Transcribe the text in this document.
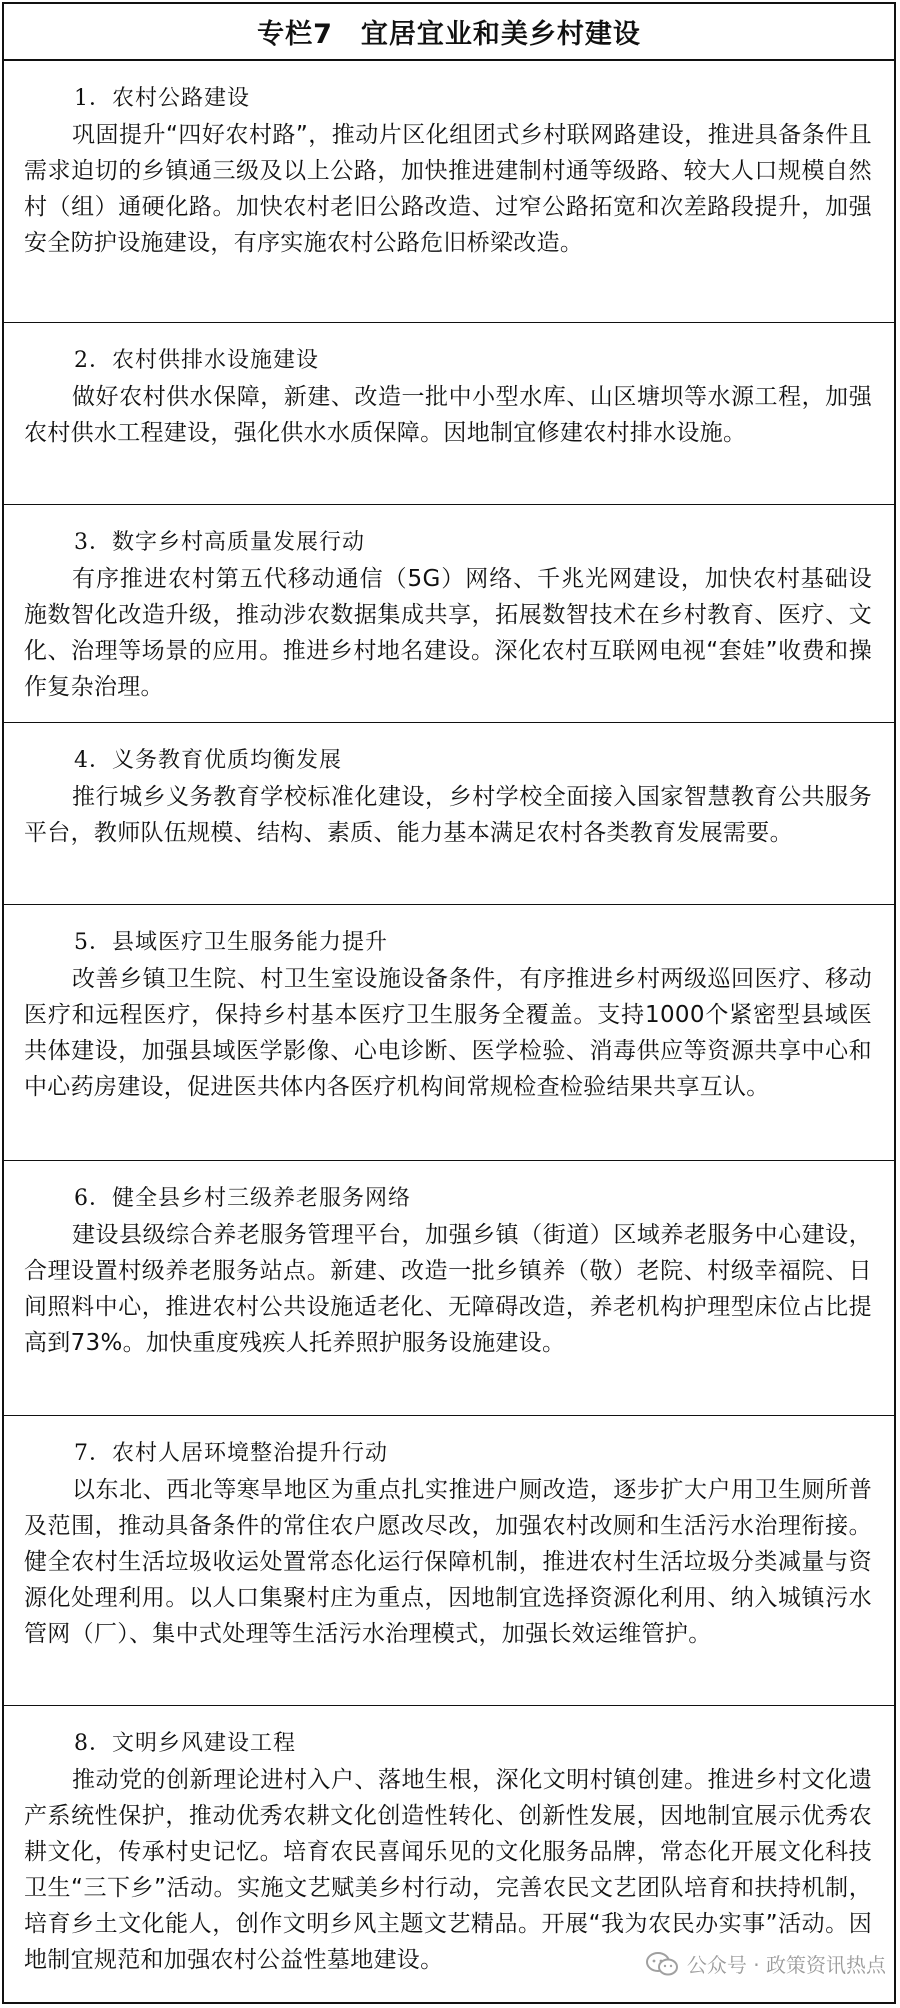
专栏7　宜居宜业和美乡村建设
1．农村公路建设
巩固提升“四好农村路”，推动片区化组团式乡村联网路建设，推进具备条件且需求迫切的乡镇通三级及以上公路，加快推进建制村通等级路、较大人口规模自然村（组）通硬化路。加快农村老旧公路改造、过窄公路拓宽和次差路段提升，加强安全防护设施建设，有序实施农村公路危旧桥梁改造。
2．农村供排水设施建设
做好农村供水保障，新建、改造一批中小型水库、山区塘坝等水源工程，加强农村供水工程建设，强化供水水质保障。因地制宜修建农村排水设施。
3．数字乡村高质量发展行动
有序推进农村第五代移动通信（5G）网络、千兆光网建设，加快农村基础设施数智化改造升级，推动涉农数据集成共享，拓展数智技术在乡村教育、医疗、文化、治理等场景的应用。推进乡村地名建设。深化农村互联网电视“套娃”收费和操作复杂治理。
4．义务教育优质均衡发展
推行城乡义务教育学校标准化建设，乡村学校全面接入国家智慧教育公共服务平台，教师队伍规模、结构、素质、能力基本满足农村各类教育发展需要。
5．县域医疗卫生服务能力提升
改善乡镇卫生院、村卫生室设施设备条件，有序推进乡村两级巡回医疗、移动医疗和远程医疗，保持乡村基本医疗卫生服务全覆盖。支持1000个紧密型县域医共体建设，加强县域医学影像、心电诊断、医学检验、消毒供应等资源共享中心和中心药房建设，促进医共体内各医疗机构间常规检查检验结果共享互认。
6．健全县乡村三级养老服务网络
建设县级综合养老服务管理平台，加强乡镇（街道）区域养老服务中心建设，合理设置村级养老服务站点。新建、改造一批乡镇养（敬）老院、村级幸福院、日间照料中心，推进农村公共设施适老化、无障碍改造，养老机构护理型床位占比提高到73%。加快重度残疾人托养照护服务设施建设。
7．农村人居环境整治提升行动
以东北、西北等寒旱地区为重点扎实推进户厕改造，逐步扩大户用卫生厕所普及范围，推动具备条件的常住农户愿改尽改，加强农村改厕和生活污水治理衔接。健全农村生活垃圾收运处置常态化运行保障机制，推进农村生活垃圾分类减量与资源化处理利用。以人口集聚村庄为重点，因地制宜选择资源化利用、纳入城镇污水管网（厂）、集中式处理等生活污水治理模式，加强长效运维管护。
8．文明乡风建设工程
推动党的创新理论进村入户、落地生根，深化文明村镇创建。推进乡村文化遗产系统性保护，推动优秀农耕文化创造性转化、创新性发展，因地制宜展示优秀农耕文化，传承村史记忆。培育农民喜闻乐见的文化服务品牌，常态化开展文化科技卫生“三下乡”活动。实施文艺赋美乡村行动，完善农民文艺团队培育和扶持机制，培育乡土文化能人，创作文明乡风主题文艺精品。开展“我为农民办实事”活动。因地制宜规范和加强农村公益性墓地建设。	公众号 · 政策资讯热点
